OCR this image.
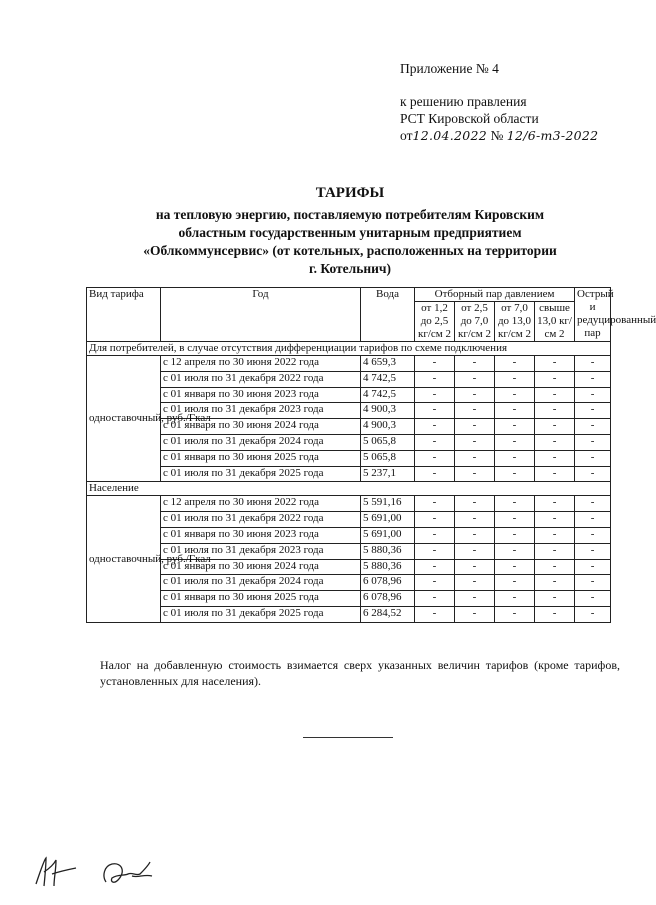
Приложение № 4
к решению правления
РСТ Кировской области
от12.04.2022 № 12/6-т3-2022
ТАРИФЫ
на тепловую энергию, поставляемую потребителям Кировским
областным государственным унитарным предприятием
«Облкоммунсервис» (от котельных, расположенных на территории
г. Котельнич)
Вид тарифа	Год	Вода	Отборный пар давлением				Острый и редуцированный пар
			от 1,2 до 2,5 кг/см 2	от 2,5 до 7,0 кг/см 2	от 7,0 до 13,0 кг/см 2	свыше 13,0 кг/см 2	
Для потребителей, в случае отсутствия дифференциации тарифов по схеме подключения							
одноставочный, руб./Гкал	с 12 апреля по 30 июня 2022 года	4 659,3	-	-	-	-	-
	с 01 июля по 31 декабря 2022 года	4 742,5	-	-	-	-	-
	с 01 января по 30 июня 2023 года	4 742,5	-	-	-	-	-
	с 01 июля по 31 декабря 2023 года	4 900,3	-	-	-	-	-
	с 01 января по 30 июня 2024 года	4 900,3	-	-	-	-	-
	с 01 июля по 31 декабря 2024 года	5 065,8	-	-	-	-	-
	с 01 января по 30 июня 2025 года	5 065,8	-	-	-	-	-
	с 01 июля по 31 декабря 2025 года	5 237,1	-	-	-	-	-
Население							
одноставочный, руб./Гкал	с 12 апреля по 30 июня 2022 года	5 591,16	-	-	-	-	-
	с 01 июля по 31 декабря 2022 года	5 691,00	-	-	-	-	-
	с 01 января по 30 июня 2023 года	5 691,00	-	-	-	-	-
	с 01 июля по 31 декабря 2023 года	5 880,36	-	-	-	-	-
	с 01 января по 30 июня 2024 года	5 880,36	-	-	-	-	-
	с 01 июля по 31 декабря 2024 года	6 078,96	-	-	-	-	-
	с 01 января по 30 июня 2025 года	6 078,96	-	-	-	-	-
	с 01 июля по 31 декабря 2025 года	6 284,52	-	-	-	-	-
Налог на добавленную стоимость взимается сверх указанных величин тарифов (кроме тарифов, установленных для населения).
